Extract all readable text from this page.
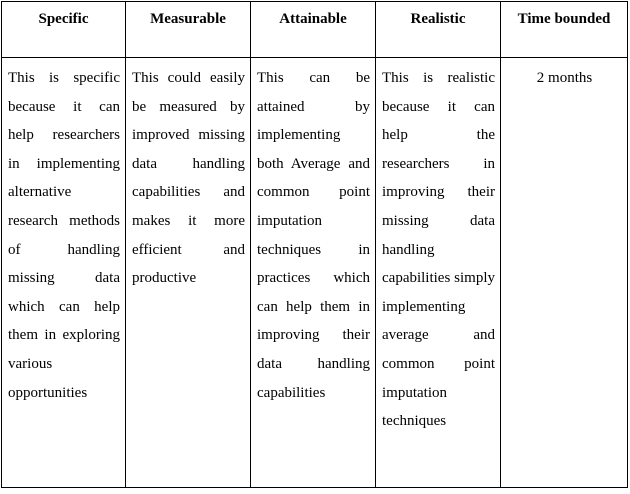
Specific	Measurable	Attainable	Realistic	Time bounded

This is specific because it can help researchers in implementing alternative research methods of handling missing data which can help them in exploring various opportunities	This could easily be measured by improved missing data handling capabilities and makes it more efficient and productive	This can be attained by implementing both Average and common point imputation techniques in practices which can help them in improving their data handling capabilities	This is realistic because it can help the researchers in improving their missing data handling capabilities simply implementing average and common point imputation techniques	2 months
